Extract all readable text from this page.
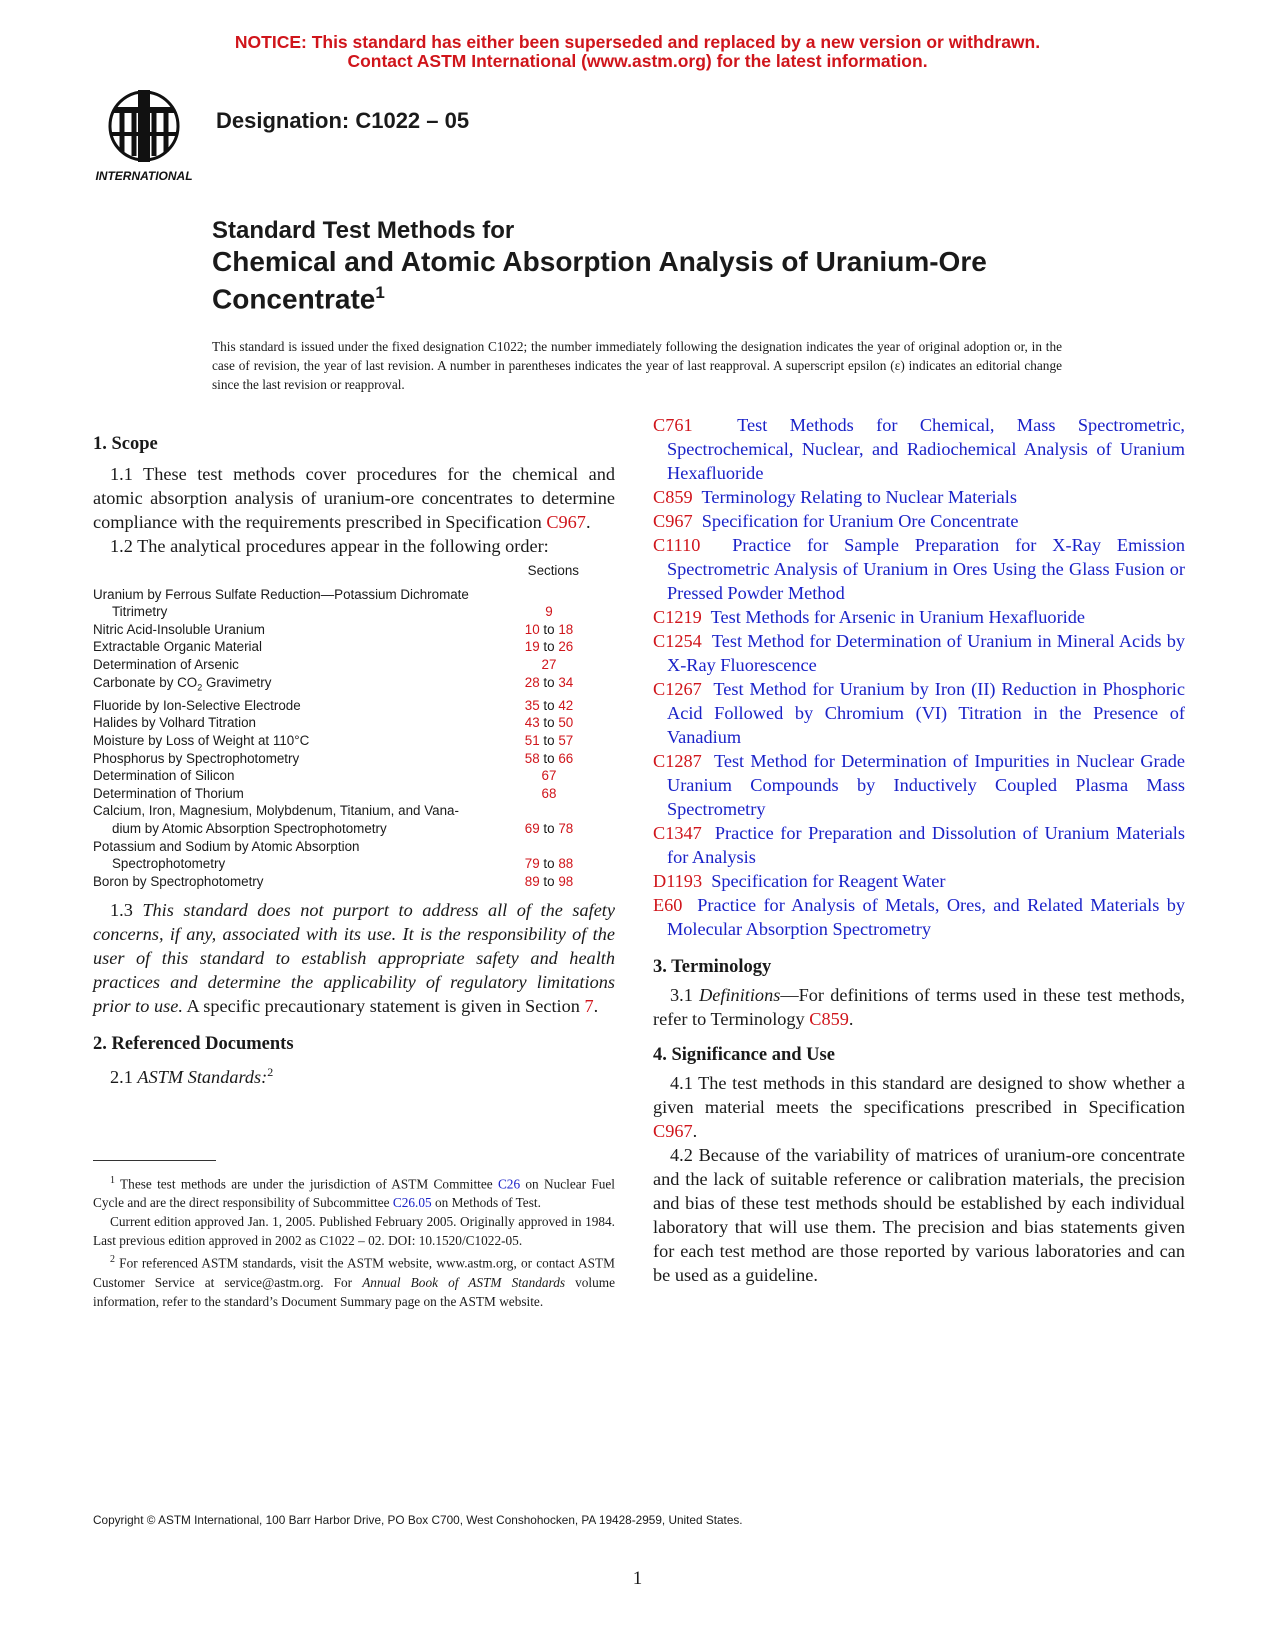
NOTICE: This standard has either been superseded and replaced by a new version or withdrawn.
Contact ASTM International (www.astm.org) for the latest information.
INTERNATIONAL
Designation: C1022 – 05
Standard Test Methods for
Chemical and Atomic Absorption Analysis of Uranium-Ore
Concentrate$^1$
This standard is issued under the fixed designation C1022; the number immediately following the designation indicates the year of original adoption or, in the case of revision, the year of last revision. A number in parentheses indicates the year of last reapproval. A superscript epsilon (ε) indicates an editorial change since the last revision or reapproval.
1. Scope

1.1 These test methods cover procedures for the chemical and atomic absorption analysis of uranium-ore concentrates to determine compliance with the requirements prescribed in Specification C967.

1.2 The analytical procedures appear in the following order:

Sections
Uranium by Ferrous Sulfate Reduction—Potassium Dichromate
Titrimetry	9
Nitric Acid-Insoluble Uranium	10 to 18
Extractable Organic Material	19 to 26
Determination of Arsenic	27
Carbonate by $CO_2$ Gravimetry	28 to 34
Fluoride by Ion-Selective Electrode	35 to 42
Halides by Volhard Titration	43 to 50
Moisture by Loss of Weight at 110°C	51 to 57
Phosphorus by Spectrophotometry	58 to 66
Determination of Silicon	67
Determination of Thorium	68
Calcium, Iron, Magnesium, Molybdenum, Titanium, and Vana-
dium by Atomic Absorption Spectrophotometry	69 to 78
Potassium and Sodium by Atomic Absorption
Spectrophotometry	79 to 88
Boron by Spectrophotometry	89 to 98

1.3 This standard does not purport to address all of the safety concerns, if any, associated with its use. It is the responsibility of the user of this standard to establish appropriate safety and health practices and determine the applicability of regulatory limitations prior to use. A specific precautionary statement is given in Section 7.

2. Referenced Documents

2.1 ASTM Standards:$^2$

C761 Test Methods for Chemical, Mass Spectrometric, Spectrochemical, Nuclear, and Radiochemical Analysis of Uranium Hexafluoride
C859 Terminology Relating to Nuclear Materials
C967 Specification for Uranium Ore Concentrate
C1110 Practice for Sample Preparation for X-Ray Emission Spectrometric Analysis of Uranium in Ores Using the Glass Fusion or Pressed Powder Method
C1219 Test Methods for Arsenic in Uranium Hexafluoride
C1254 Test Method for Determination of Uranium in Mineral Acids by X-Ray Fluorescence
C1267 Test Method for Uranium by Iron (II) Reduction in Phosphoric Acid Followed by Chromium (VI) Titration in the Presence of Vanadium
C1287 Test Method for Determination of Impurities in Nuclear Grade Uranium Compounds by Inductively Coupled Plasma Mass Spectrometry
C1347 Practice for Preparation and Dissolution of Uranium Materials for Analysis
D1193 Specification for Reagent Water
E60 Practice for Analysis of Metals, Ores, and Related Materials by Molecular Absorption Spectrometry
3. Terminology

3.1 Definitions—For definitions of terms used in these test methods, refer to Terminology C859.

4. Significance and Use

4.1 The test methods in this standard are designed to show whether a given material meets the specifications prescribed in Specification C967.

4.2 Because of the variability of matrices of uranium-ore concentrate and the lack of suitable reference or calibration materials, the precision and bias of these test methods should be established by each individual laboratory that will use them. The precision and bias statements given for each test method are those reported by various laboratories and can be used as a guideline.

$^1$ These test methods are under the jurisdiction of ASTM Committee C26 on Nuclear Fuel Cycle and are the direct responsibility of Subcommittee C26.05 on Methods of Test.

Current edition approved Jan. 1, 2005. Published February 2005. Originally approved in 1984. Last previous edition approved in 2002 as C1022 – 02. DOI: 10.1520/C1022-05.

$^2$ For referenced ASTM standards, visit the ASTM website, www.astm.org, or contact ASTM Customer Service at service@astm.org. For Annual Book of ASTM Standards volume information, refer to the standard’s Document Summary page on the ASTM website.

Copyright © ASTM International, 100 Barr Harbor Drive, PO Box C700, West Conshohocken, PA 19428-2959, United States.
1
